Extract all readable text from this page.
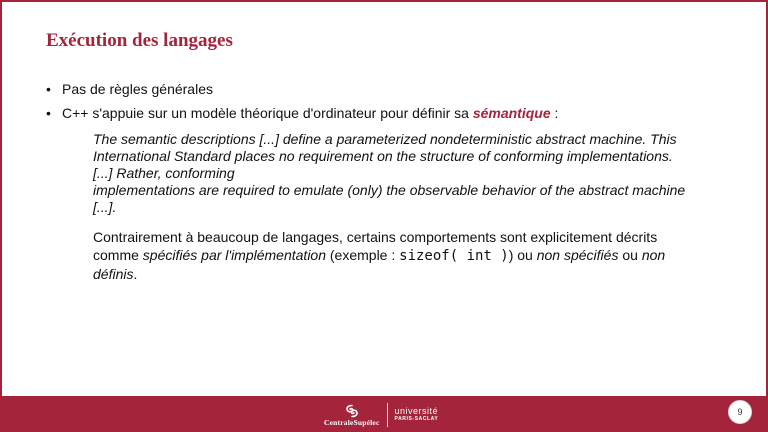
Exécution des langages
• Pas de règles générales
• C++ s'appuie sur un modèle théorique d'ordinateur pour définir sa sémantique :
The semantic descriptions [...] define a parameterized nondeterministic abstract machine. This
International Standard places no requirement on the structure of conforming implementations.
[...] Rather, conforming
implementations are required to emulate (only) the observable behavior of the abstract machine
[...].
Contrairement à beaucoup de langages, certains comportements sont explicitement décrits
comme spécifiés par l'implémentation (exemple : sizeof( int )) ou non spécifiés ou non
définis.
CentraleSupélec
université
PARIS-SACLAY
9
